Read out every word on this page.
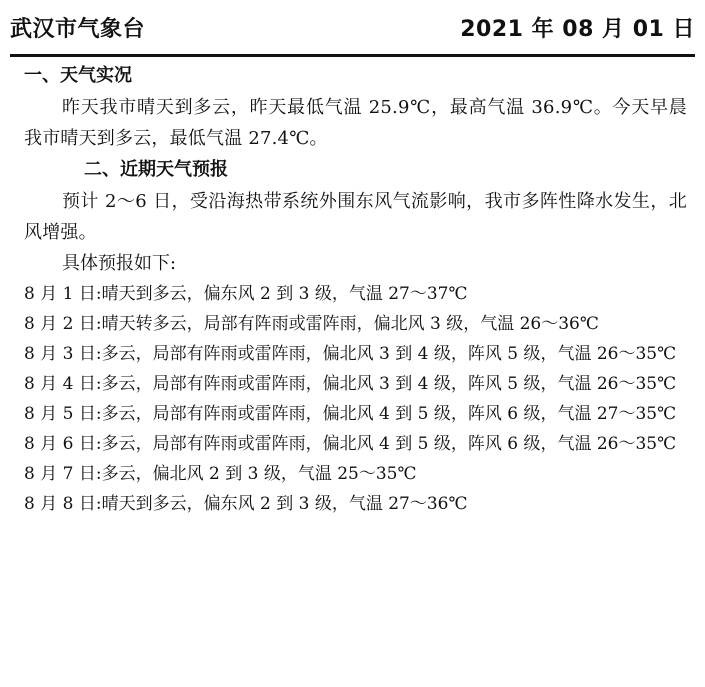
武汉市气象台	2021 年 08 月 01 日
一、天气实况

昨天我市晴天到多云，昨天最低气温 25.9℃，最高气温 36.9℃。今天早晨我市晴天到多云，最低气温 27.4℃。

二、近期天气预报

预计 2～6 日，受沿海热带系统外围东风气流影响，我市多阵性降水发生，北风增强。

具体预报如下:
8 月 1 日:晴天到多云，偏东风 2 到 3 级，气温 27～37℃
8 月 2 日:晴天转多云，局部有阵雨或雷阵雨，偏北风 3 级，气温 26～36℃
8 月 3 日:多云，局部有阵雨或雷阵雨，偏北风 3 到 4 级，阵风 5 级，气温 26～35℃
8 月 4 日:多云，局部有阵雨或雷阵雨，偏北风 3 到 4 级，阵风 5 级，气温 26～35℃
8 月 5 日:多云，局部有阵雨或雷阵雨，偏北风 4 到 5 级，阵风 6 级，气温 27～35℃
8 月 6 日:多云，局部有阵雨或雷阵雨，偏北风 4 到 5 级，阵风 6 级，气温 26～35℃
8 月 7 日:多云，偏北风 2 到 3 级，气温 25～35℃
8 月 8 日:晴天到多云，偏东风 2 到 3 级，气温 27～36℃
